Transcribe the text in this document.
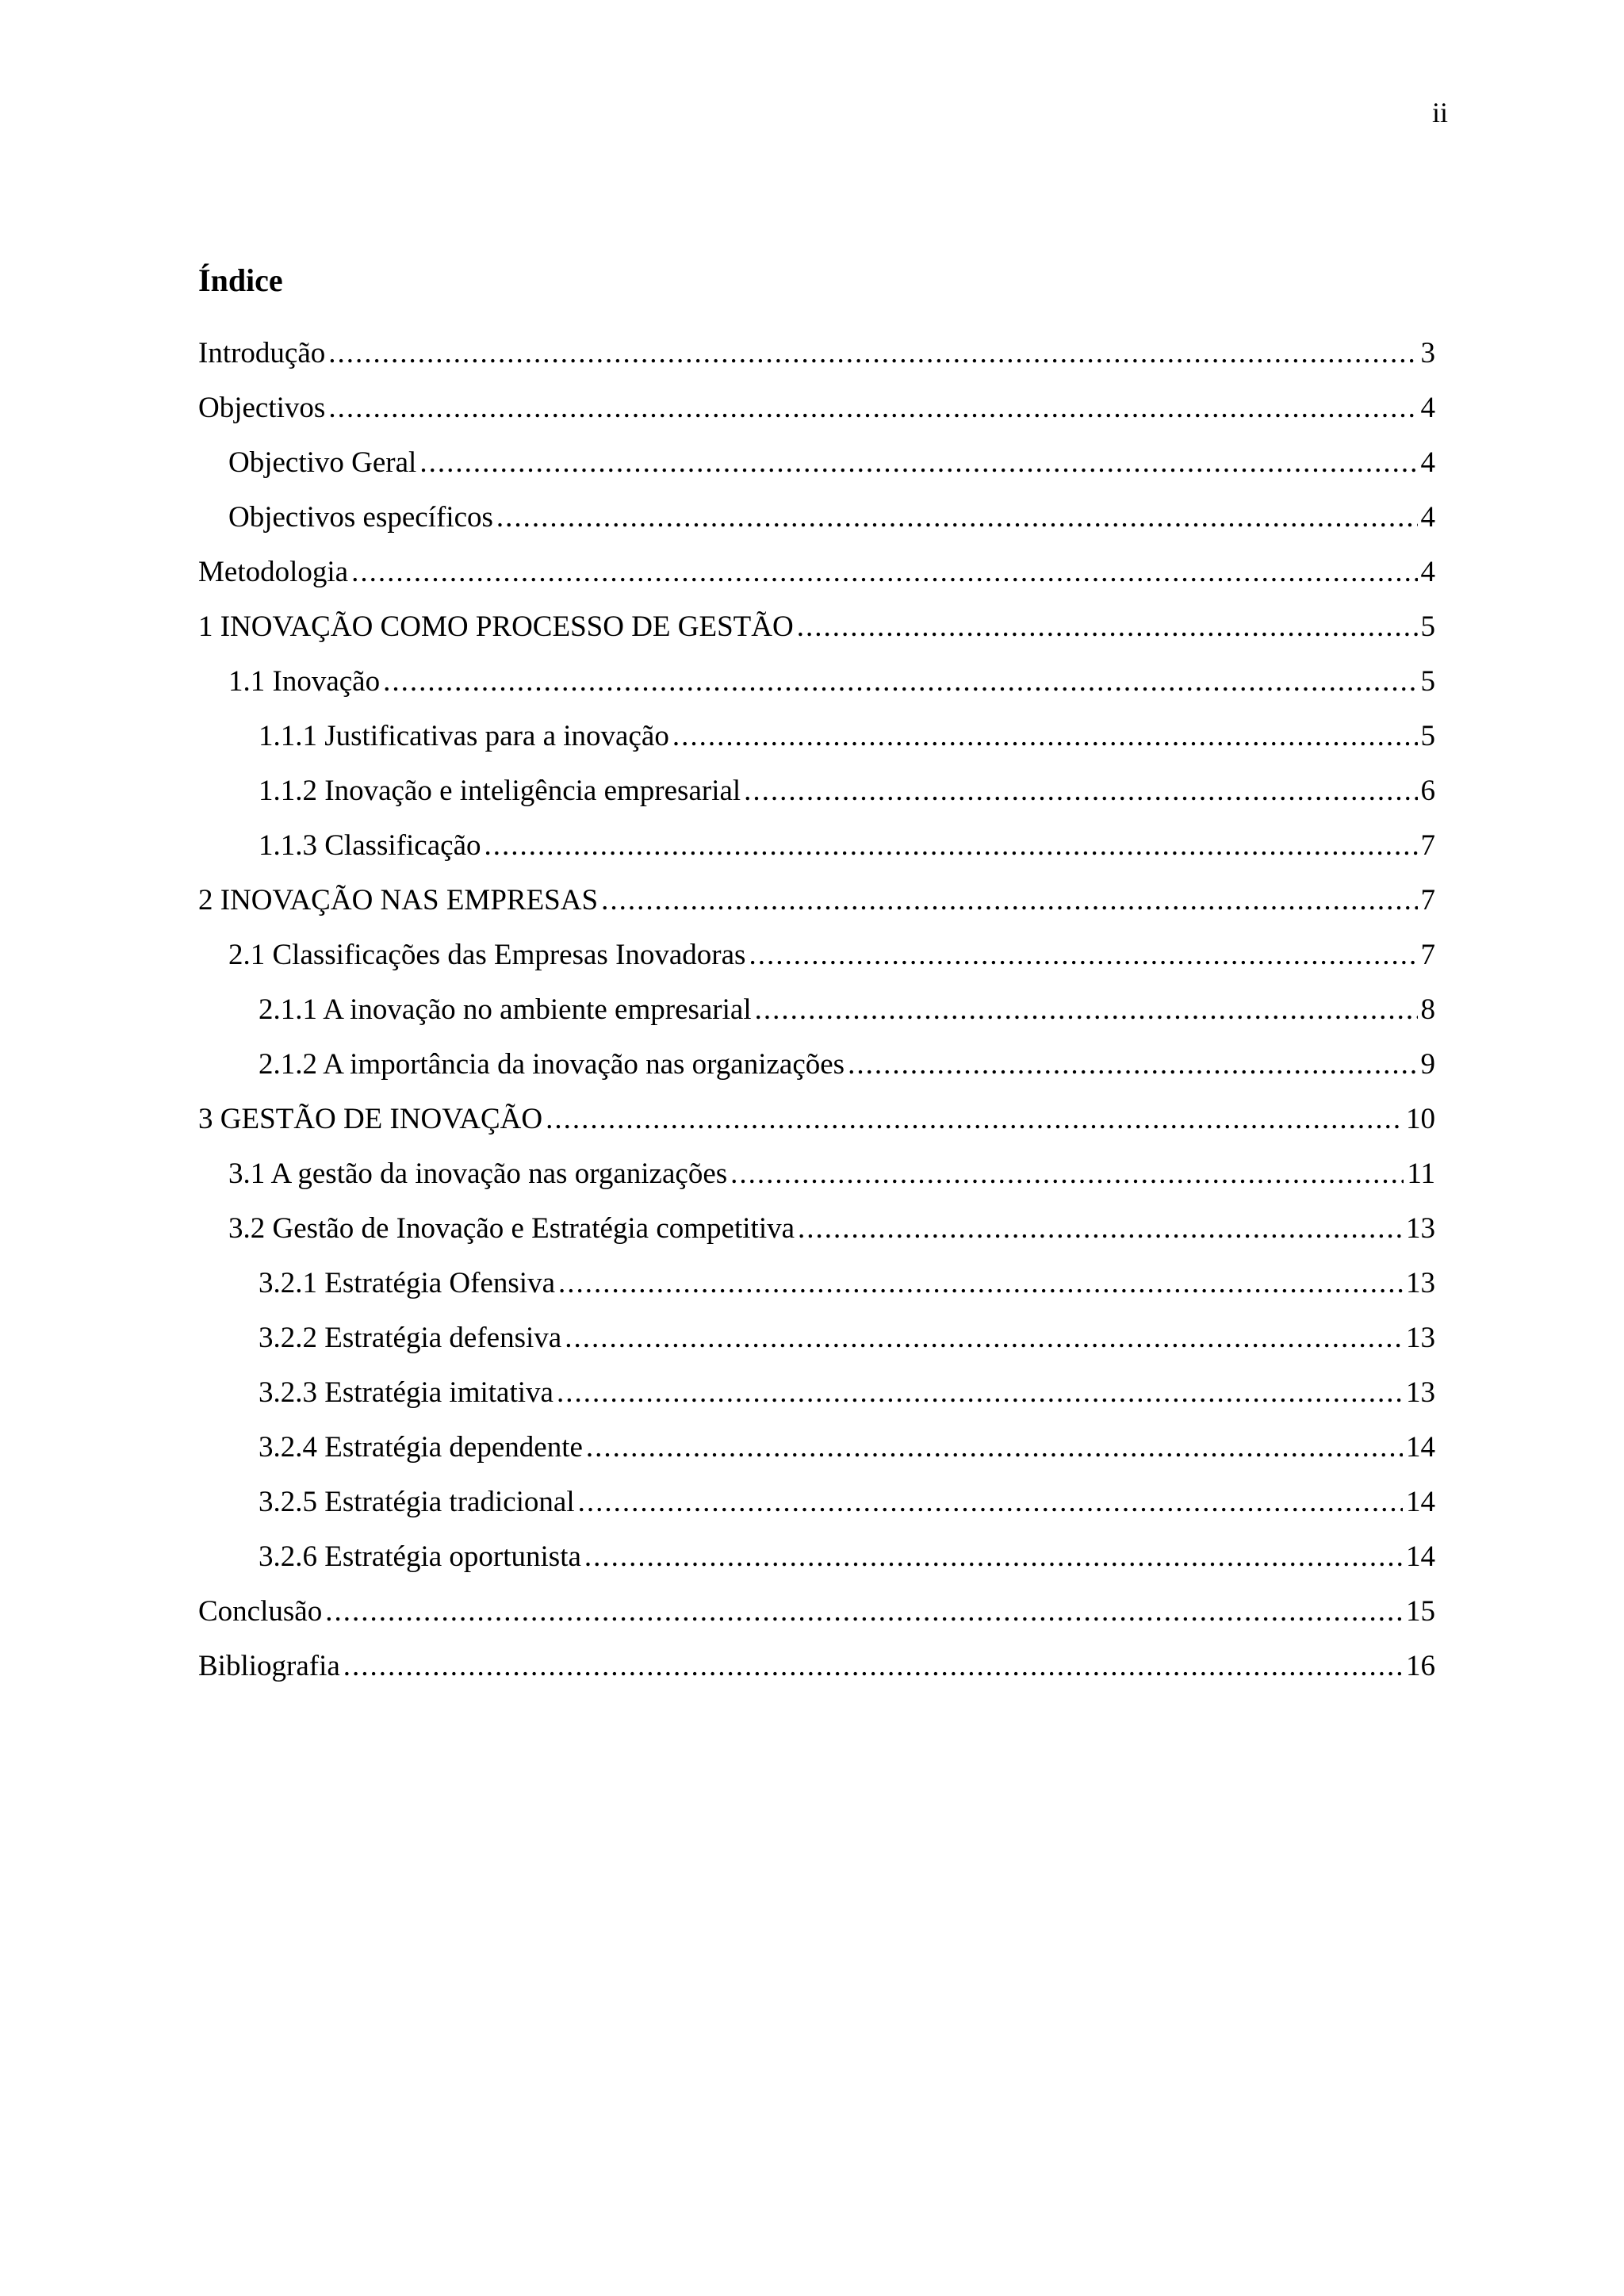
ii
Índice
Introdução .....	3
Objectivos .....	4
Objectivo Geral .....	4
Objectivos específicos .....	4
Metodologia .....	4
1 INOVAÇÃO COMO PROCESSO DE GESTÃO .....	5
1.1 Inovação .....	5
1.1.1 Justificativas para a inovação .....	5
1.1.2 Inovação e inteligência empresarial .....	6
1.1.3 Classificação .....	7
2 INOVAÇÃO NAS EMPRESAS .....	7
2.1 Classificações das Empresas Inovadoras .....	7
2.1.1 A inovação no ambiente empresarial .....	8
2.1.2 A importância da inovação nas organizações .....	9
3 GESTÃO DE INOVAÇÃO .....	10
3.1 A gestão da inovação nas organizações .....	11
3.2 Gestão de Inovação e Estratégia competitiva .....	13
3.2.1 Estratégia Ofensiva .....	13
3.2.2 Estratégia defensiva .....	13
3.2.3 Estratégia imitativa .....	13
3.2.4 Estratégia dependente .....	14
3.2.5 Estratégia tradicional .....	14
3.2.6 Estratégia oportunista .....	14
Conclusão .....	15
Bibliografia .....	16
